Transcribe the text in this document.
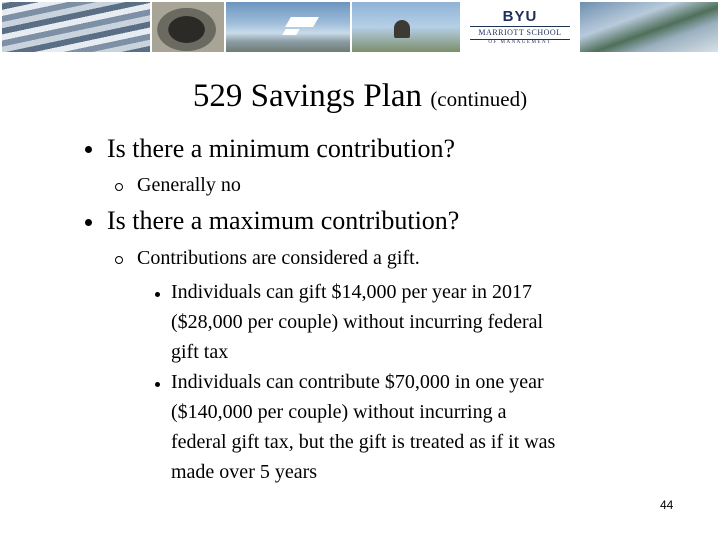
BYU
MARRIOTT SCHOOL
OF MANAGEMENT
529 Savings Plan (continued)
Is there a minimum contribution?
Generally no
Is there a maximum contribution?
Contributions are considered a gift.
Individuals can gift $14,000 per year in 2017
($28,000 per couple) without incurring federal
gift tax
Individuals can contribute $70,000 in one year
($140,000 per couple) without incurring a
federal gift tax, but the gift is treated as if it was
made over 5 years
44
